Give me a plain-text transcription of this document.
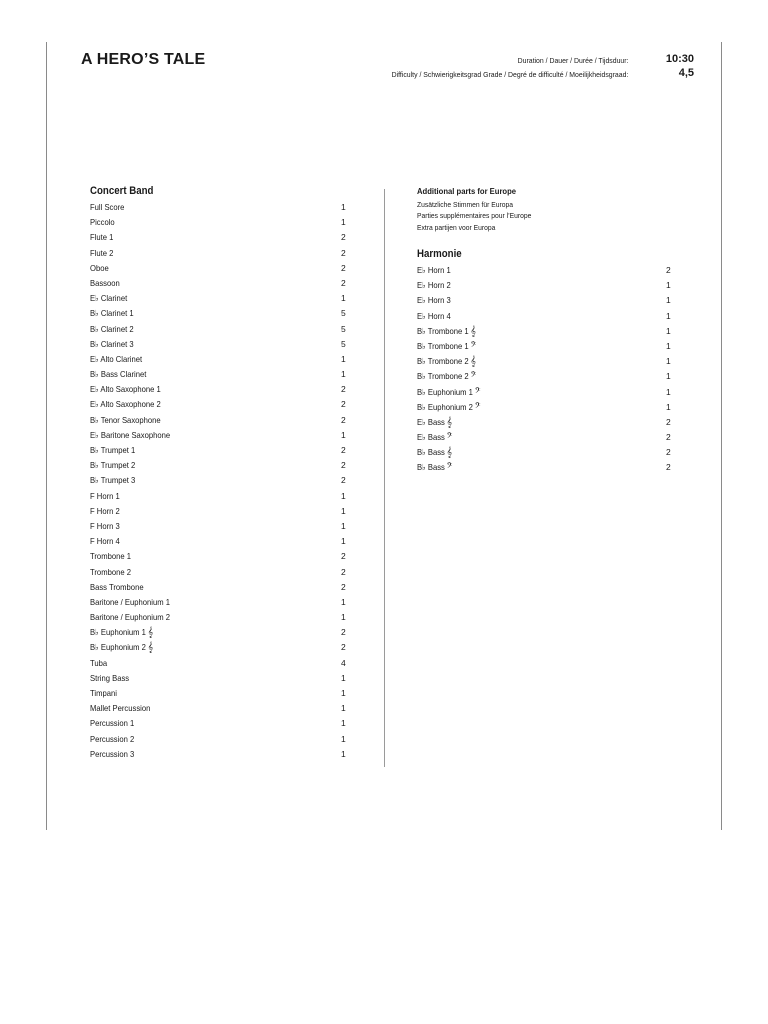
A HERO’S TALE	Duration / Dauer / Durée / Tijdsduur:	10:30
Difficulty / Schwierigkeitsgrad Grade / Degré de difficulté / Moeilijkheidsgraad:	4,5
Concert Band
Full Score	1
Piccolo	1
Flute 1	2
Flute 2	2
Oboe	2
Bassoon	2
E♭ Clarinet	1
B♭ Clarinet 1	5
B♭ Clarinet 2	5
B♭ Clarinet 3	5
E♭ Alto Clarinet	1
B♭ Bass Clarinet	1
E♭ Alto Saxophone 1	2
E♭ Alto Saxophone 2	2
B♭ Tenor Saxophone	2
E♭ Baritone Saxophone	1
B♭ Trumpet 1	2
B♭ Trumpet 2	2
B♭ Trumpet 3	2
F Horn 1	1
F Horn 2	1
F Horn 3	1
F Horn 4	1
Trombone 1	2
Trombone 2	2
Bass Trombone	2
Baritone / Euphonium 1	1
Baritone / Euphonium 2	1
B♭ Euphonium 1 𝄞	2
B♭ Euphonium 2 𝄞	2
Tuba	4
String Bass	1
Timpani	1
Mallet Percussion	1
Percussion 1	1
Percussion 2	1
Percussion 3	1
Additional parts for Europe
Zusätzliche Stimmen für Europa
Parties supplémentaires pour l’Europe
Extra partijen voor Europa
Harmonie
E♭ Horn 1	2
E♭ Horn 2	1
E♭ Horn 3	1
E♭ Horn 4	1
B♭ Trombone 1 𝄞	1
B♭ Trombone 1 𝄢	1
B♭ Trombone 2 𝄞	1
B♭ Trombone 2 𝄢	1
B♭ Euphonium 1 𝄢	1
B♭ Euphonium 2 𝄢	1
E♭ Bass 𝄞	2
E♭ Bass 𝄢	2
B♭ Bass 𝄞	2
B♭ Bass 𝄢	2
